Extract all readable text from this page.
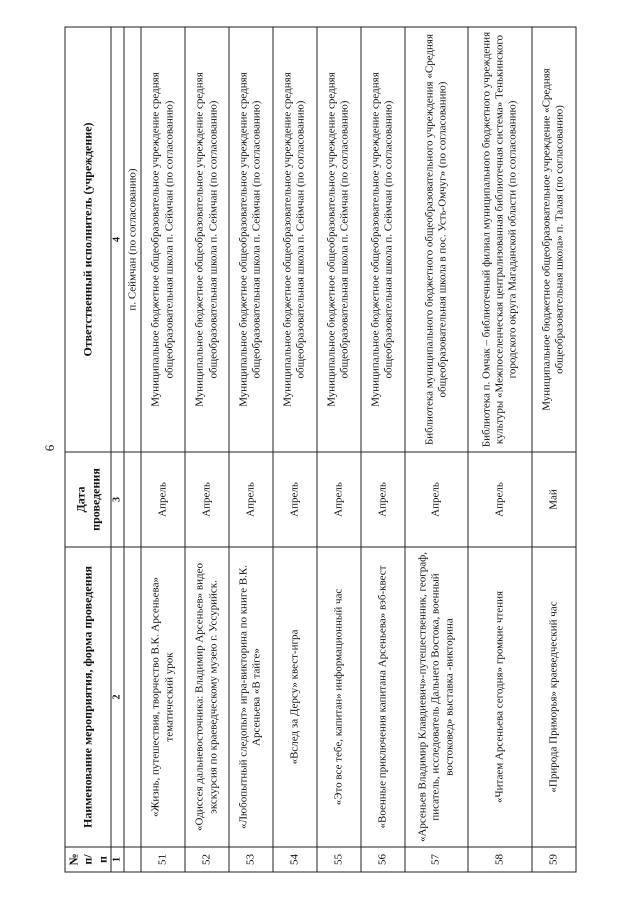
6
№ п/п	Наименование мероприятия, форма проведения	Дата проведения	Ответственный исполнитель (учреждение)
1	2	3	4
			п. Сеймчан (по согласованию)
51	«Жизнь, путешествия, творчество В.К. Арсеньева» тематический урок	Апрель	Муниципальное бюджетное общеобразовательное учреждение средняя общеобразовательная школа п. Сеймчан (по согласованию)
52	«Одиссея дальневосточника: Владимир Арсеньев» видео экскурсия по краеведческому музею г. Уссурийск.	Апрель	Муниципальное бюджетное общеобразовательное учреждение средняя общеобразовательная школа п. Сеймчан (по согласованию)
53	«Любопытный следопыт» игра-викторина по книге В.К. Арсеньева «В тайге»	Апрель	Муниципальное бюджетное общеобразовательное учреждение средняя общеобразовательная школа п. Сеймчан (по согласованию)
54	«Вслед за Дерсу» квест-игра	Апрель	Муниципальное бюджетное общеобразовательное учреждение средняя общеобразовательная школа п. Сеймчан (по согласованию)
55	«Это все тебе, капитан» информационный час	Апрель	Муниципальное бюджетное общеобразовательное учреждение средняя общеобразовательная школа п. Сеймчан (по согласованию)
56	«Военные приключения капитана Арсеньева» вэб-квест	Апрель	Муниципальное бюджетное общеобразовательное учреждение средняя общеобразовательная школа п. Сеймчан (по согласованию)
57	«Арсеньев Владимир Клавдиевич»-путешественник, географ, писатель, исследователь Дальнего Востока, военный востоковед» выставка -викторина	Апрель	Библиотека муниципального бюджетного общеобразовательного учреждения «Средняя общеобразовательная школа в пос. Усть-Омчуг» (по согласованию)
58	«Читаем Арсеньева сегодня» громкие чтения	Апрель	Библиотека п. Омчак – библиотечный филиал муниципального бюджетного учреждения культуры «Межпоселенческая централизованная библиотечная система» Тенькинского городского округа Магаданской области (по согласованию)
59	«Природа Приморья» краеведческий час	Май	Муниципальное бюджетное общеобразовательное учреждение «Средняя общеобразовательная школа» п. Талая (по согласованию)
